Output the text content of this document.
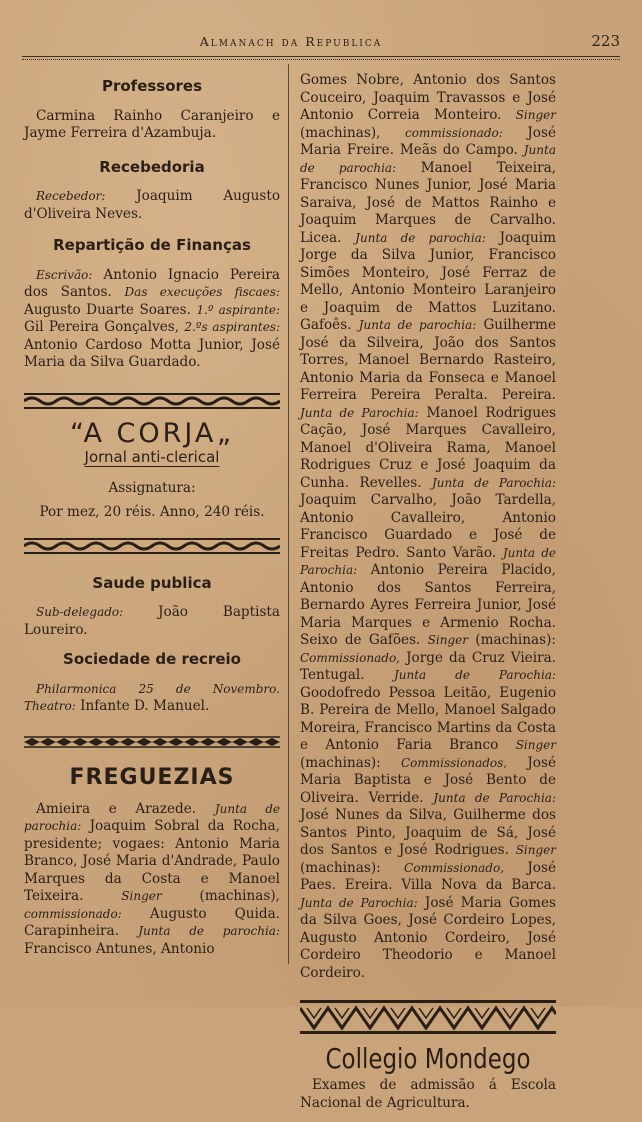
Almanach da Republica	223
Professores

Carmina Rainho Caranjeiro e Jayme Ferreira d'Azambuja.

Recebedoria

Recebedor: Joaquim Augusto d'Oliveira Neves.

Repartição de Finanças

Escrivão: Antonio Ignacio Pereira dos Santos. Das execuções fiscaes: Augusto Duarte Soares. 1.º aspirante: Gil Pereira Gonçalves, 2.ºs aspirantes: Antonio Cardoso Motta Junior, José Maria da Silva Guardado.

“A CORJA„
Jornal anti-clerical
Assignatura:
Por mez, 20 réis. Anno, 240 réis.
Saude publica

Sub-delegado:	João Baptista Loureiro.

Sociedade de recreio

Philarmonica 25 de Novembro. Theatro: Infante D. Manuel.

FREGUEZIAS

Amieira e Arazede. Junta de parochia: Joaquim Sobral da Rocha, presidente; vogaes: Antonio Maria Branco, José Maria d'Andrade, Paulo Marques da Costa e Manoel Teixeira.	Singer	(machinas), commissionado: Augusto Quida. Carapinheira. Junta de parochia: Francisco Antunes, Antonio

Gomes Nobre, Antonio dos Santos Couceiro, Joaquim Travassos e José Antonio Correia Monteiro. Singer (machinas), commissionado: José Maria Freire. Meãs do Campo. Junta de parochia: Manoel Teixeira, Francisco Nunes Junior, José Maria Saraiva, José de Mattos Rainho e Joaquim Marques de Carvalho. Licea. Junta de parochia: Joaquim Jorge da Silva Junior, Francisco Simões Monteiro, José Ferraz de Mello, Antonio Monteiro Laranjeiro e Joaquim de Mattos Luzitano. Gafoês. Junta de parochia: Guilherme José da Silveira, João dos Santos Torres, Manoel Bernardo Rasteiro, Antonio Maria da Fonseca e Manoel Ferreira Pereira Peralta. Pereira. Junta de Parochia: Manoel Rodrigues Cação, José Marques Cavalleiro, Manoel d'Oliveira Rama, Manoel Rodrigues Cruz e José Joaquim da Cunha. Revelles. Junta de Parochia: Joaquim Carvalho, João Tardella, Antonio Cavalleiro, Antonio Francisco Guardado e José de Freitas Pedro. Santo Varão. Junta de Parochia: Antonio Pereira Placido, Antonio dos Santos Ferreira, Bernardo Ayres Ferreira Junior, José Maria Marques e Armenio Rocha. Seixo de Gafões. Singer (machinas): Commissionado, Jorge da Cruz Vieira. Tentugal. Junta de Parochia: Goodofredo Pessoa Leitão, Eugenio B. Pereira de Mello, Manoel Salgado Moreira, Francisco Martins da Costa e Antonio Faria Branco Singer (machinas): Commissionados, José Maria Baptista e José Bento de Oliveira. Verride. Junta de Parochia: José Nunes da Silva, Guilherme dos Santos Pinto, Joaquim de Sá, José dos Santos e José Rodrigues. Singer (machinas): Commissionado, José Paes. Ereira. Villa Nova da Barca. Junta de Parochia: José Maria Gomes da Silva Goes, José Cordeiro Lopes, Augusto Antonio Cordeiro, José Cordeiro Theodorio e Manoel Cordeiro.

Collegio Mondego

Exames de admissão á Escola Nacional de Agricultura.
